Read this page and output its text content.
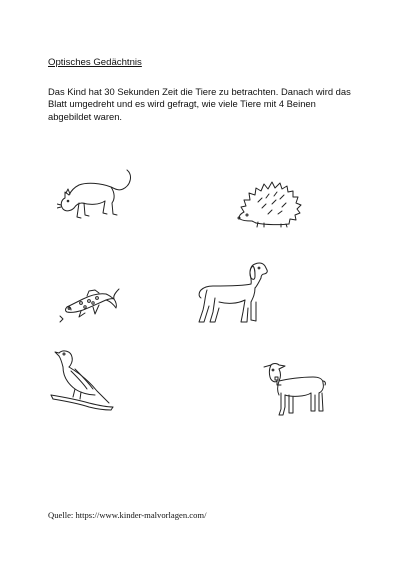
Optisches Gedächtnis
Das Kind hat 30 Sekunden Zeit die Tiere zu betrachten. Danach wird das
Blatt umgedreht und es wird gefragt, wie viele Tiere mit 4 Beinen
abgebildet waren.
Quelle: https://www.kinder-malvorlagen.com/
